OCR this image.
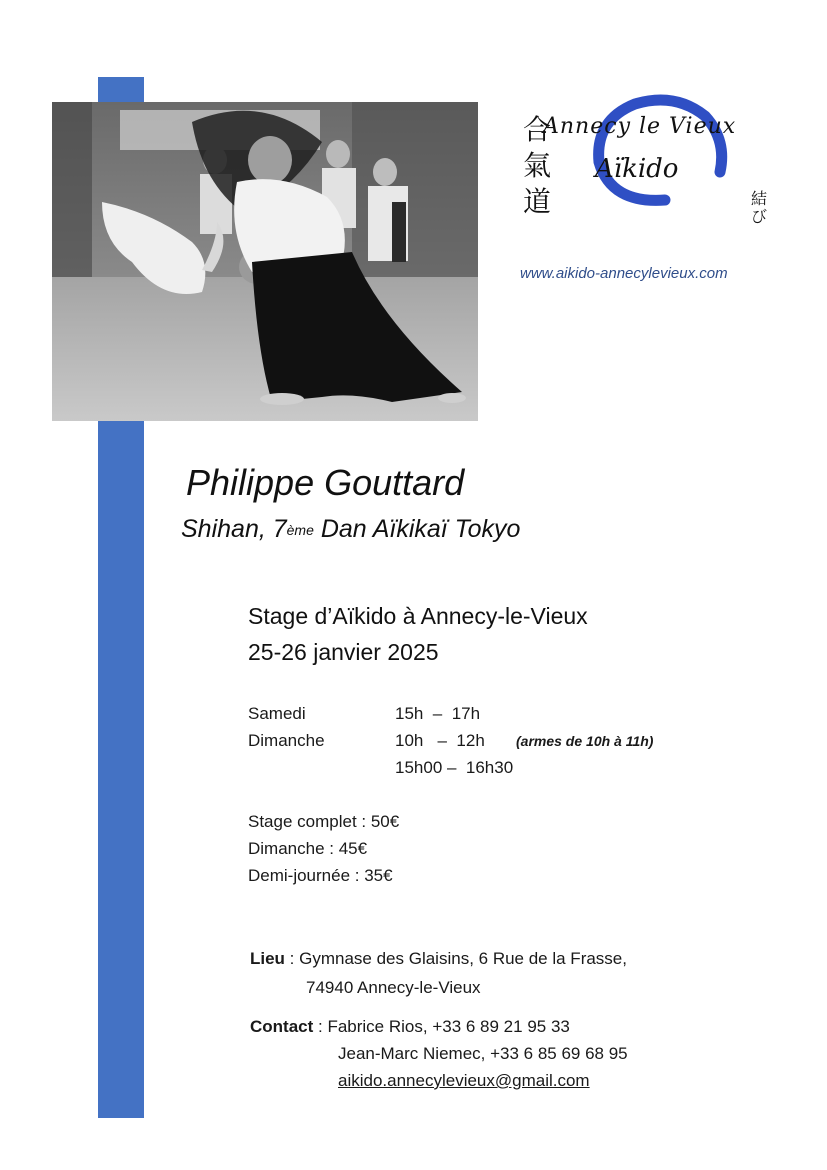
Annecy le Vieux
Aïkido
合
氣
道	結
び
www.aikido-annecylevieux.com
Philippe Gouttard
Shihan, 7ème Dan Aïkikaï Tokyo
Stage d’Aïkido à Annecy-le-Vieux
25-26 janvier 2025
Samedi	15h  –  17h
Dimanche	10h   –  12h (armes de 10h à 11h)
15h00 –  16h30
Stage complet : 50€
Dimanche : 45€
Demi-journée : 35€
Lieu : Gymnase des Glaisins, 6 Rue de la Frasse,
74940 Annecy-le-Vieux
Contact : Fabrice Rios, +33 6 89 21 95 33
Jean-Marc Niemec, +33 6 85 69 68 95
aikido.annecylevieux@gmail.com
